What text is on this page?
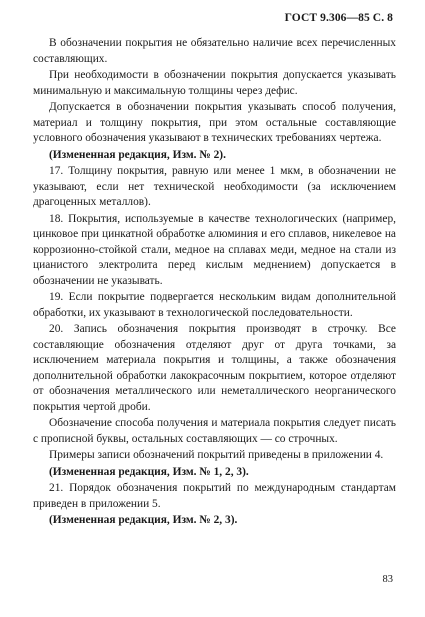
ГОСТ 9.306—85 С. 8

В обозначении покрытия не обязательно наличие всех перечисленных составляющих.

При необходимости в обозначении покрытия допускается указывать минимальную и максимальную толщины через дефис.

Допускается в обозначении покрытия указывать способ получения, материал и толщину покрытия, при этом остальные составляющие условного обозначения указывают в технических требованиях чертежа.

(Измененная редакция, Изм. № 2).

17. Толщину покрытия, равную или менее 1 мкм, в обозначении не указывают, если нет технической необходимости (за исключением драгоценных металлов).

18. Покрытия, используемые в качестве технологических (например, цинковое при цинкатной обработке алюминия и его сплавов, никелевое на коррозионно-стойкой стали, медное на сплавах меди, медное на стали из цианистого электролита перед кислым меднением) допускается в обозначении не указывать.

19. Если покрытие подвергается нескольким видам дополнительной обработки, их указывают в технологической последовательности.

20. Запись обозначения покрытия производят в строчку. Все составляющие обозначения отделяют друг от друга точками, за исключением материала покрытия и толщины, а также обозначения дополнительной обработки лакокрасочным покрытием, которое отделяют от обозначения металлического или неметаллического неорганического покрытия чертой дроби.

Обозначение способа получения и материала покрытия следует писать с прописной буквы, остальных составляющих — со строчных.

Примеры записи обозначений покрытий приведены в приложении 4.

(Измененная редакция, Изм. № 1, 2, 3).

21. Порядок обозначения покрытий по международным стандартам приведен в приложении 5.

(Измененная редакция, Изм. № 2, 3).

83
